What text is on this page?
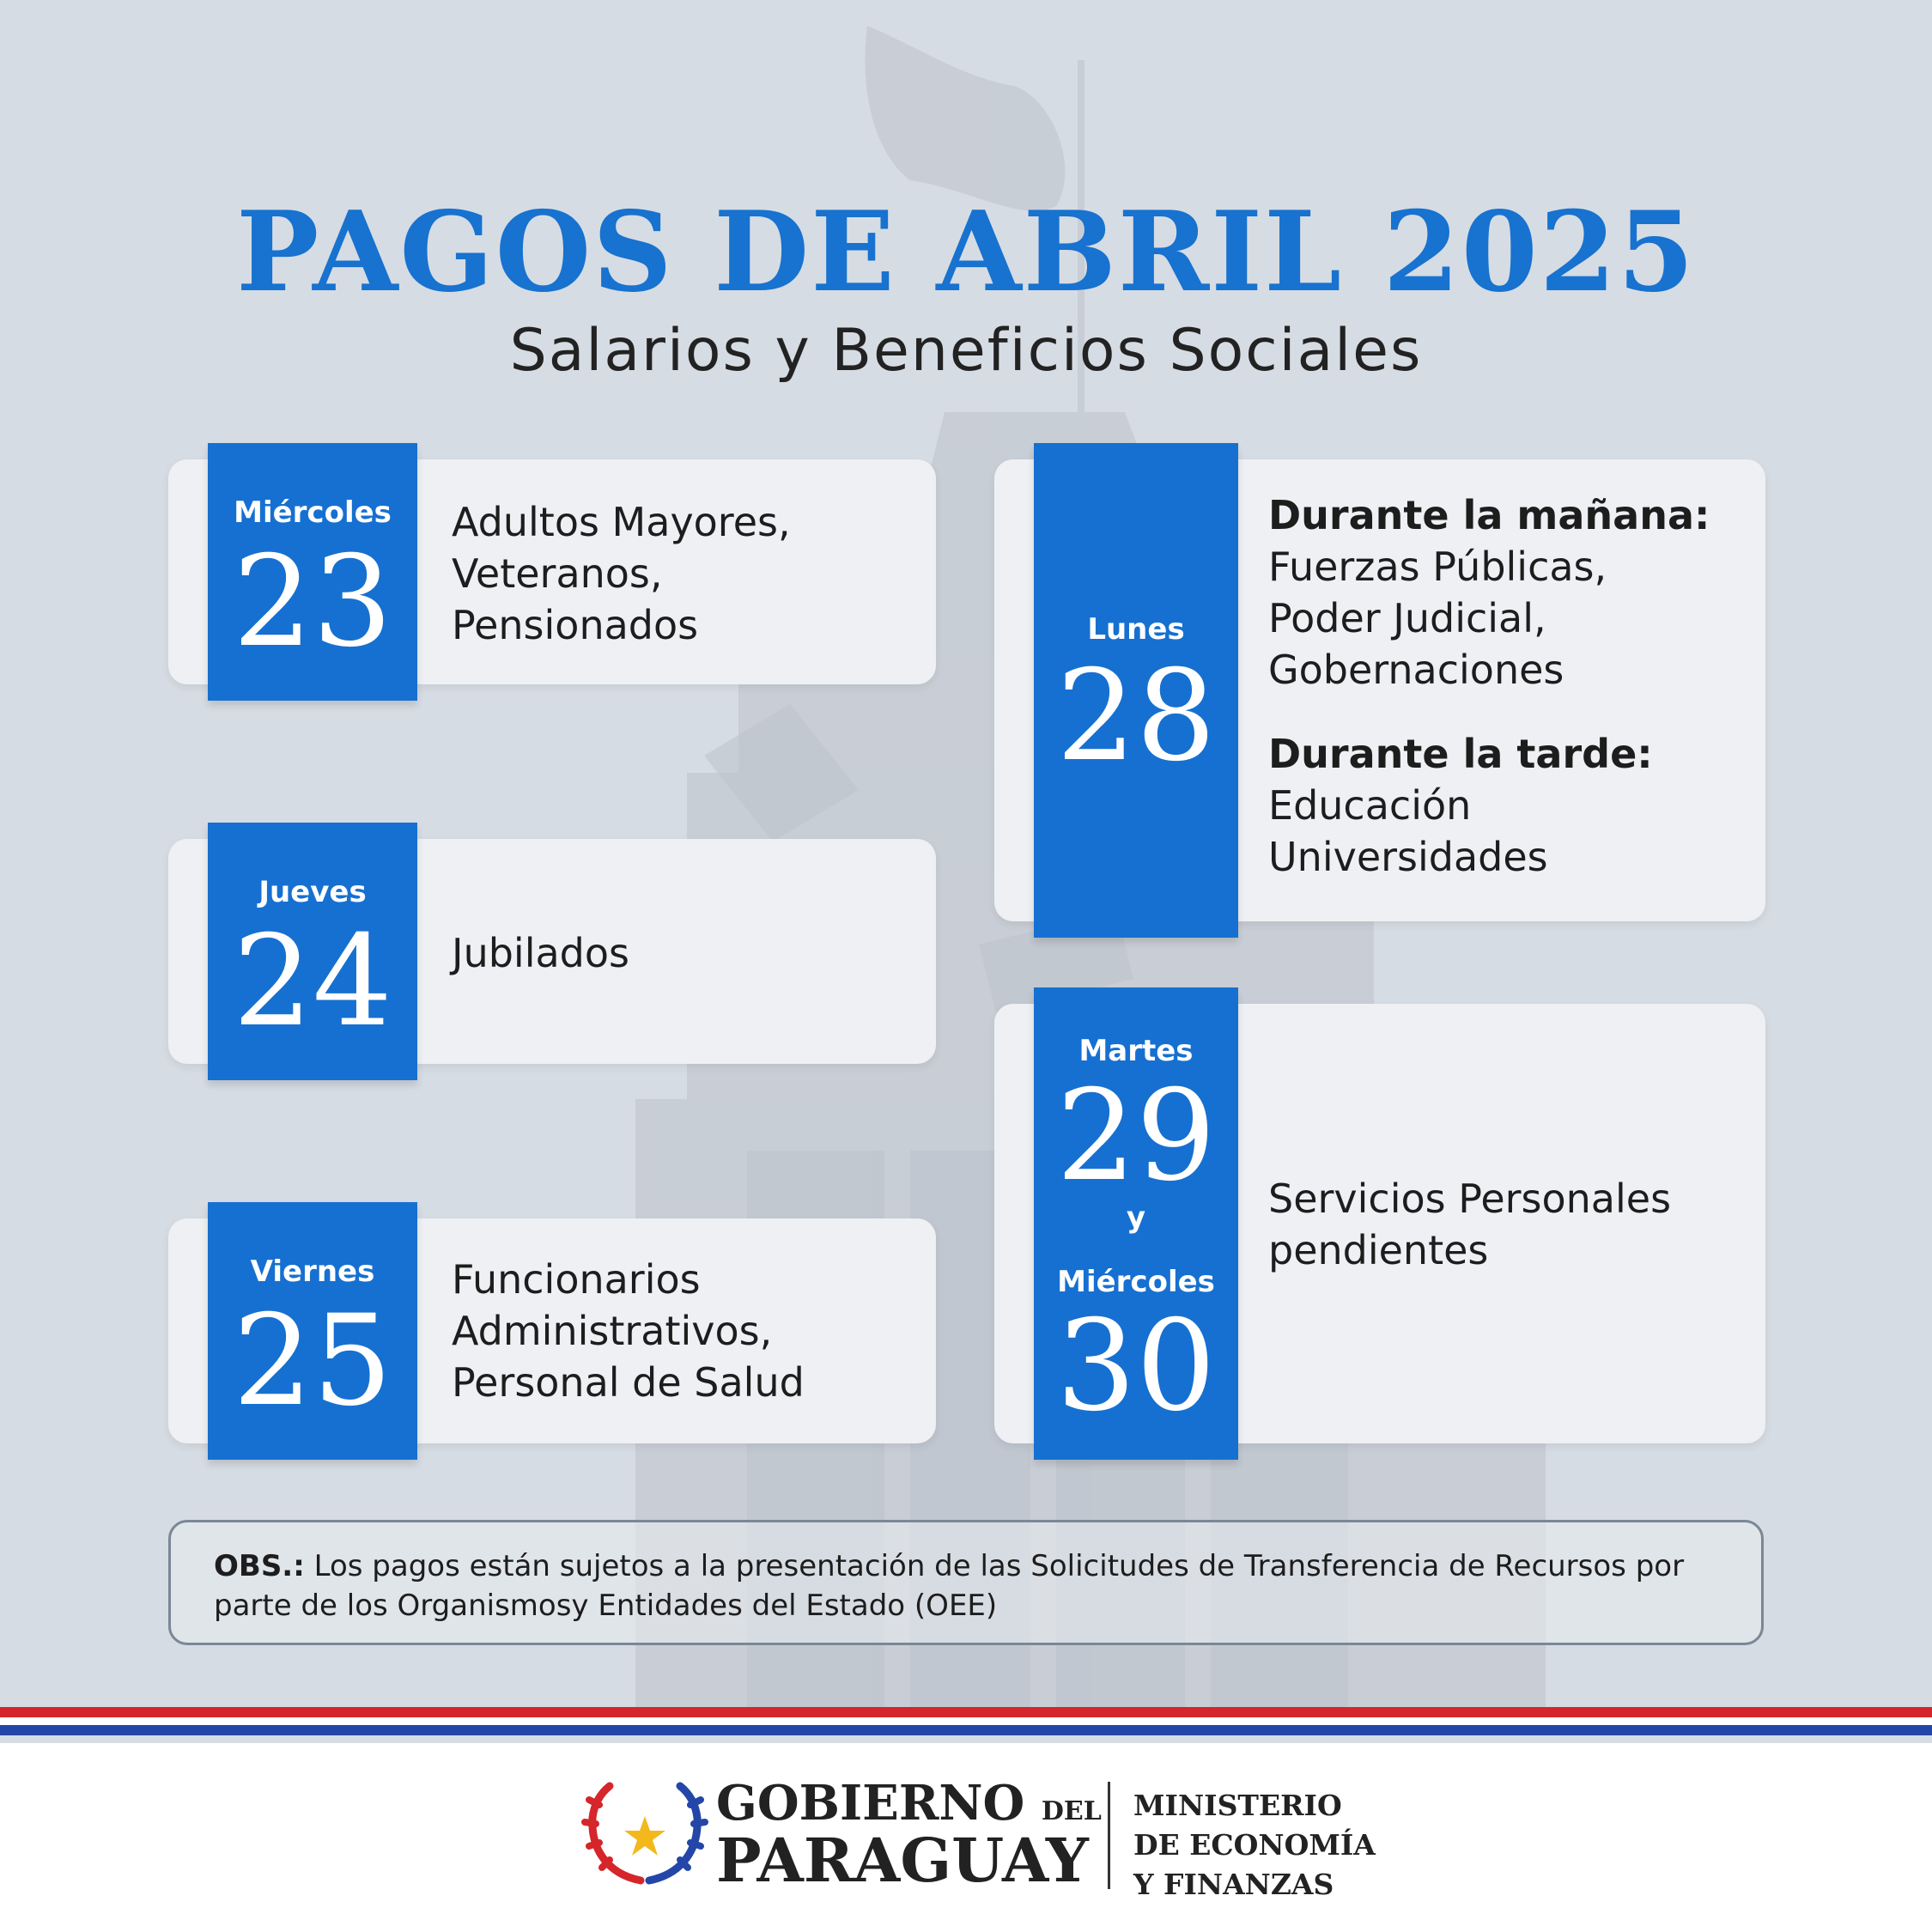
PAGOS DE ABRIL 2025
Salarios y Beneficios Sociales
Miércoles
23
Adultos Mayores,
Veteranos,
Pensionados
Jueves
24	Jubilados
Viernes
25
Funcionarios
Administrativos,
Personal de Salud
Lunes
28
Durante la mañana:
Fuerzas Públicas,
Poder Judicial,
Gobernaciones
Durante la tarde:
Educación
Universidades
Martes
29
y
Miércoles
30
Servicios Personales
pendientes
OBS.: Los pagos están sujetos a la presentación de las Solicitudes de Transferencia de Recursos por parte de los Organismosy Entidades del Estado (OEE)
GOBIERNO DEL
PARAGUAY
MINISTERIO
DE ECONOMÍA
Y FINANZAS
